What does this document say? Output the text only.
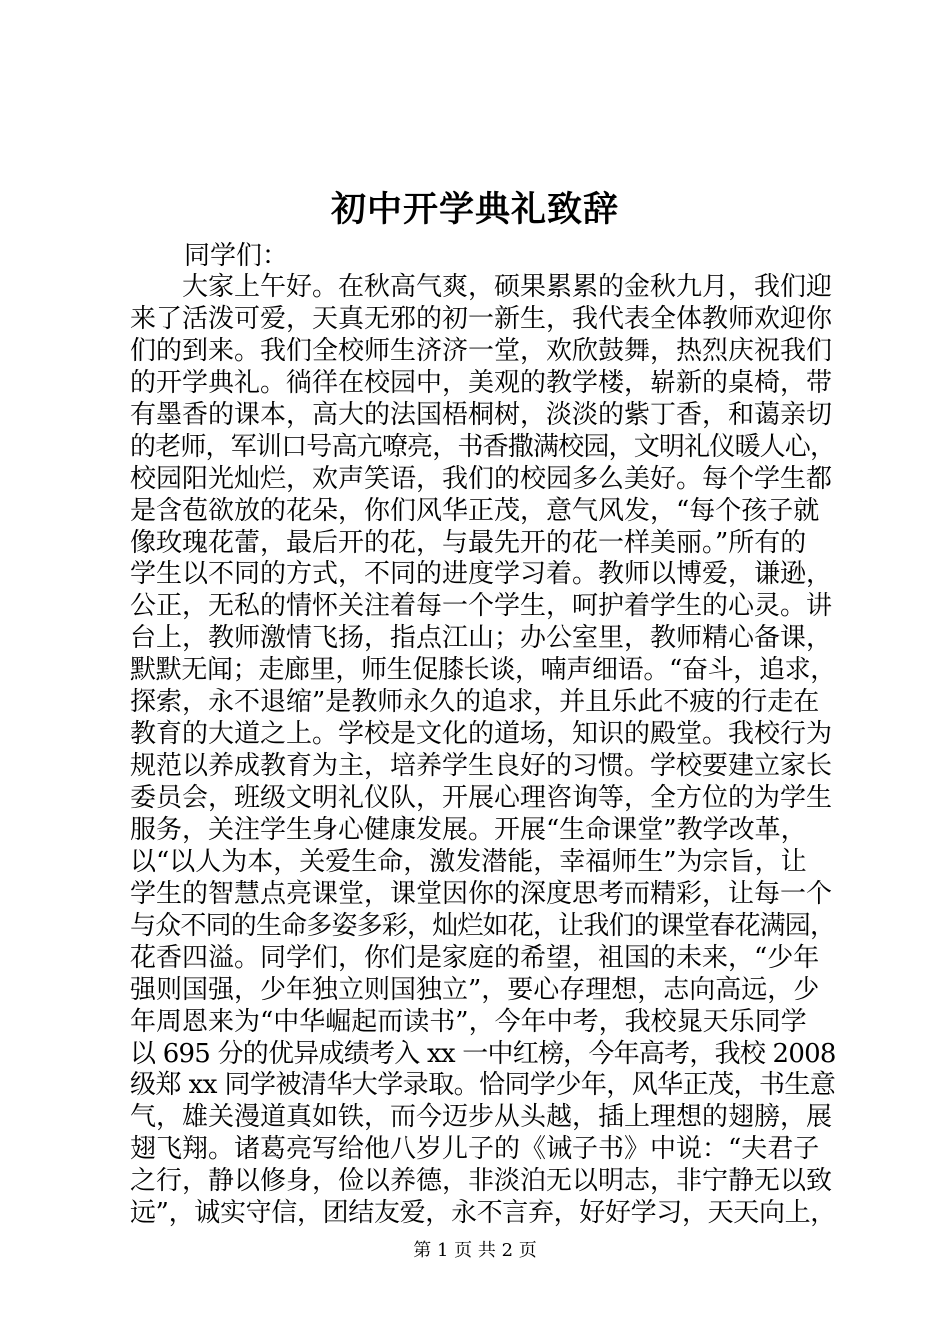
初中开学典礼致辞

同学们：

　　大家上午好。在秋高气爽，硕果累累的金秋九月，我们迎
来了活泼可爱，天真无邪的初一新生，我代表全体教师欢迎你
们的到来。我们全校师生济济一堂，欢欣鼓舞，热烈庆祝我们
的开学典礼。徜徉在校园中，美观的教学楼，崭新的桌椅，带
有墨香的课本，高大的法国梧桐树，淡淡的紫丁香，和蔼亲切
的老师，军训口号高亢嘹亮，书香撒满校园，文明礼仪暖人心，
校园阳光灿烂，欢声笑语，我们的校园多么美好。每个学生都
是含苞欲放的花朵，你们风华正茂，意气风发，“每个孩子就
像玫瑰花蕾，最后开的花，与最先开的花一样美丽。”所有的
学生以不同的方式，不同的进度学习着。教师以博爱，谦逊，
公正，无私的情怀关注着每一个学生，呵护着学生的心灵。讲
台上，教师激情飞扬，指点江山；办公室里，教师精心备课，
默默无闻；走廊里，师生促膝长谈，喃声细语。“奋斗，追求，
探索，永不退缩”是教师永久的追求，并且乐此不疲的行走在
教育的大道之上。学校是文化的道场，知识的殿堂。我校行为
规范以养成教育为主，培养学生良好的习惯。学校要建立家长
委员会，班级文明礼仪队，开展心理咨询等，全方位的为学生
服务，关注学生身心健康发展。开展“生命课堂”教学改革，
以“以人为本，关爱生命，激发潜能，幸福师生”为宗旨，让
学生的智慧点亮课堂，课堂因你的深度思考而精彩，让每一个
与众不同的生命多姿多彩，灿烂如花，让我们的课堂春花满园，
花香四溢。同学们，你们是家庭的希望，祖国的未来，“少年
强则国强，少年独立则国独立”，要心存理想，志向高远，少
年周恩来为“中华崛起而读书”，今年中考，我校晁天乐同学
以 695 分的优异成绩考入 xx 一中红榜，今年高考，我校 2008
级郑 xx 同学被清华大学录取。恰同学少年，风华正茂，书生意
气，雄关漫道真如铁，而今迈步从头越，插上理想的翅膀，展
翅飞翔。诸葛亮写给他八岁儿子的《诫子书》中说：“夫君子
之行，静以修身，俭以养德，非淡泊无以明志，非宁静无以致
远”，诚实守信，团结友爱，永不言弃，好好学习，天天向上，
第 1 页 共 2 页
